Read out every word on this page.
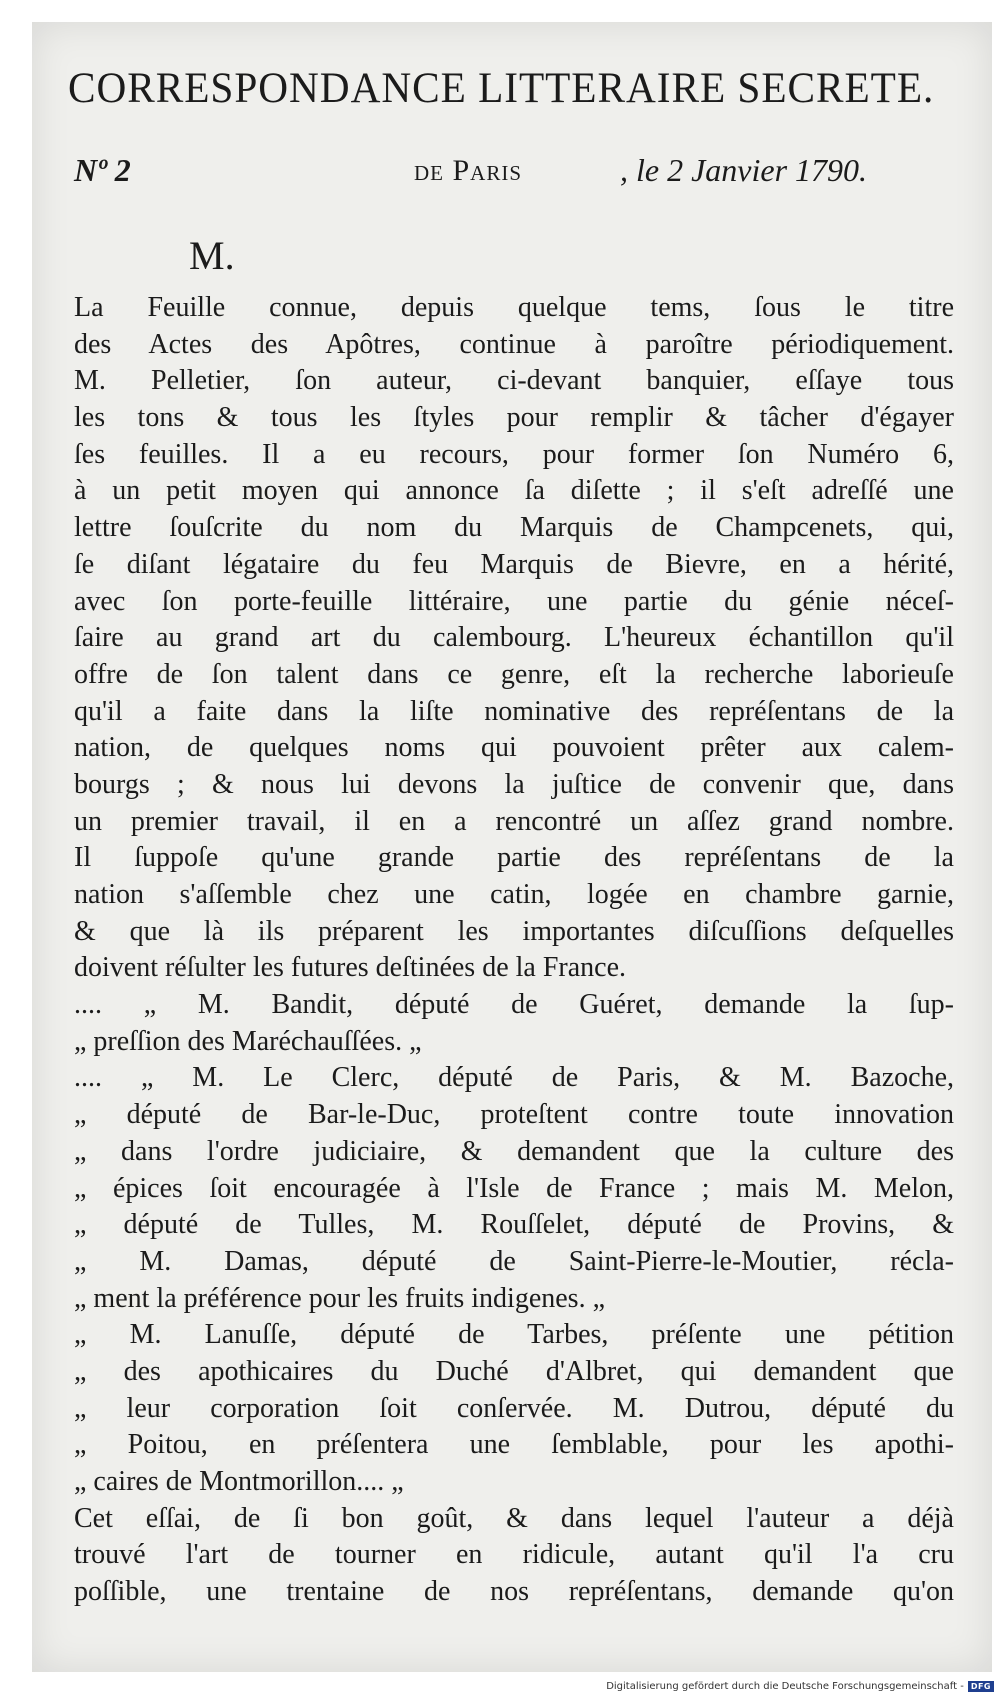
CORRESPONDANCE LITTERAIRE SECRETE.
Nº 2	de Paris	, le 2 Janvier 1790.
M.
La Feuille connue, depuis quelque tems, ſous le titre
des Actes des Apôtres, continue à paroître périodiquement.
M. Pelletier, ſon auteur, ci-devant banquier, eſſaye tous
les tons & tous les ſtyles pour remplir & tâcher d'égayer
ſes feuilles. Il a eu recours, pour former ſon Numéro 6,
à un petit moyen qui annonce ſa diſette ; il s'eſt adreſſé une
lettre ſouſcrite du nom du Marquis de Champcenets, qui,
ſe diſant légataire du feu Marquis de Bievre, en a hérité,
avec ſon porte-feuille littéraire, une partie du génie néceſ-
ſaire au grand art du calembourg. L'heureux échantillon qu'il
offre de ſon talent dans ce genre, eſt la recherche laborieuſe
qu'il a faite dans la liſte nominative des repréſentans de la
nation, de quelques noms qui pouvoient prêter aux calem-
bourgs ; & nous lui devons la juſtice de convenir que, dans
un premier travail, il en a rencontré un aſſez grand nombre.
Il ſuppoſe qu'une grande partie des repréſentans de la
nation s'aſſemble chez une catin, logée en chambre garnie,
& que là ils préparent les importantes diſcuſſions deſquelles
doivent réſulter les futures deſtinées de la France.
.... „ M. Bandit, député de Guéret, demande la ſup-
„ preſſion des Maréchauſſées. „
.... „ M. Le Clerc, député de Paris, & M. Bazoche,
„ député de Bar-le-Duc, proteſtent contre toute innovation
„ dans l'ordre judiciaire, & demandent que la culture des
„ épices ſoit encouragée à l'Isle de France ; mais M. Melon,
„ député de Tulles, M. Rouſſelet, député de Provins, &
„ M. Damas, député de Saint-Pierre-le-Moutier, récla-
„ ment la préférence pour les fruits indigenes. „
„ M. Lanuſſe, député de Tarbes, préſente une pétition
„ des apothicaires du Duché d'Albret, qui demandent que
„ leur corporation ſoit conſervée. M. Dutrou, député du
„ Poitou, en préſentera une ſemblable, pour les apothi-
„ caires de Montmorillon.... „
Cet eſſai, de ſi bon goût, & dans lequel l'auteur a déjà
trouvé l'art de tourner en ridicule, autant qu'il l'a cru
poſſible, une trentaine de nos repréſentans, demande qu'on
Digitalisierung gefördert durch die Deutsche Forschungsgemeinschaft - DFG
